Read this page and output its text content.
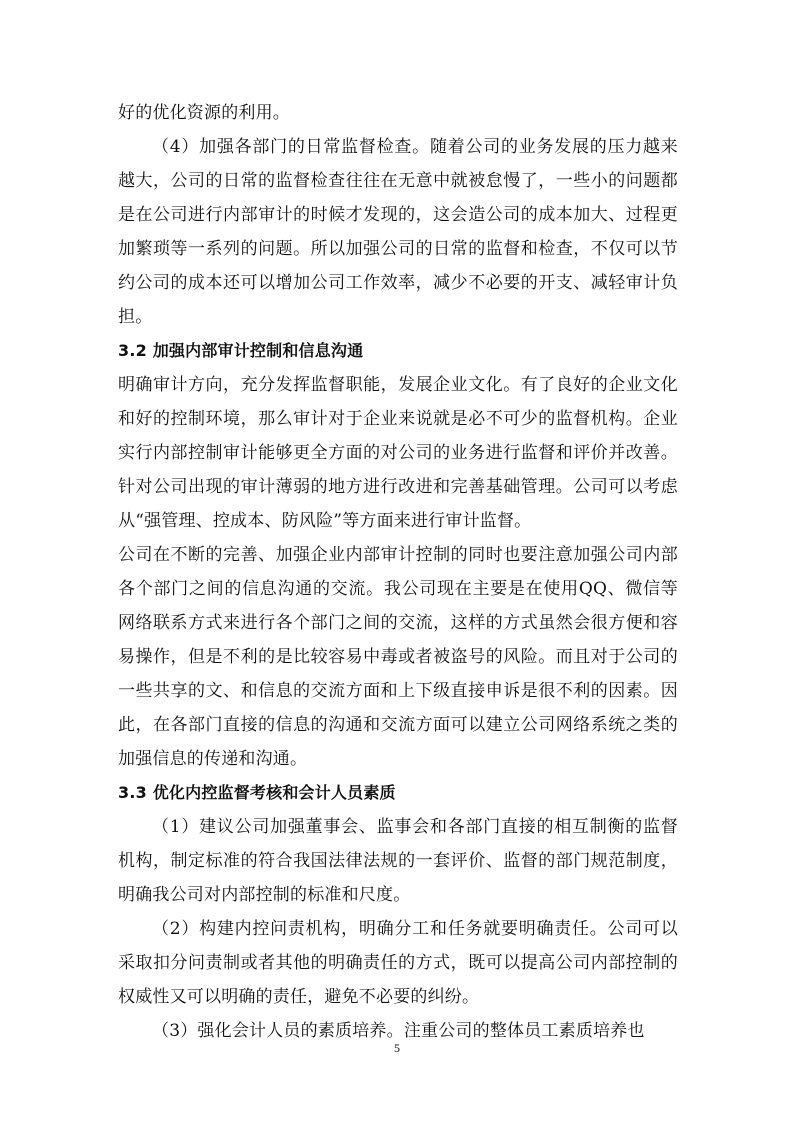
好的优化资源的利用。

（4）加强各部门的日常监督检查。随着公司的业务发展的压力越来越大，公司的日常的监督检查往往在无意中就被怠慢了，一些小的问题都是在公司进行内部审计的时候才发现的，这会造公司的成本加大、过程更加繁琐等一系列的问题。所以加强公司的日常的监督和检查，不仅可以节约公司的成本还可以增加公司工作效率，减少不必要的开支、减轻审计负担。

3.2 加强内部审计控制和信息沟通

明确审计方向，充分发挥监督职能，发展企业文化。有了良好的企业文化和好的控制环境，那么审计对于企业来说就是必不可少的监督机构。企业实行内部控制审计能够更全方面的对公司的业务进行监督和评价并改善。针对公司出现的审计薄弱的地方进行改进和完善基础管理。公司可以考虑从“强管理、控成本、防风险”等方面来进行审计监督。

公司在不断的完善、加强企业内部审计控制的同时也要注意加强公司内部各个部门之间的信息沟通的交流。我公司现在主要是在使用QQ、微信等网络联系方式来进行各个部门之间的交流，这样的方式虽然会很方便和容易操作，但是不利的是比较容易中毒或者被盗号的风险。而且对于公司的一些共享的文、和信息的交流方面和上下级直接申诉是很不利的因素。因此，在各部门直接的信息的沟通和交流方面可以建立公司网络系统之类的加强信息的传递和沟通。

3.3 优化内控监督考核和会计人员素质

（1）建议公司加强董事会、监事会和各部门直接的相互制衡的监督机构，制定标准的符合我国法律法规的一套评价、监督的部门规范制度，明确我公司对内部控制的标准和尺度。

（2）构建内控问责机构，明确分工和任务就要明确责任。公司可以采取扣分问责制或者其他的明确责任的方式，既可以提高公司内部控制的权威性又可以明确的责任，避免不必要的纠纷。

（3）强化会计人员的素质培养。注重公司的整体员工素质培养也

5
